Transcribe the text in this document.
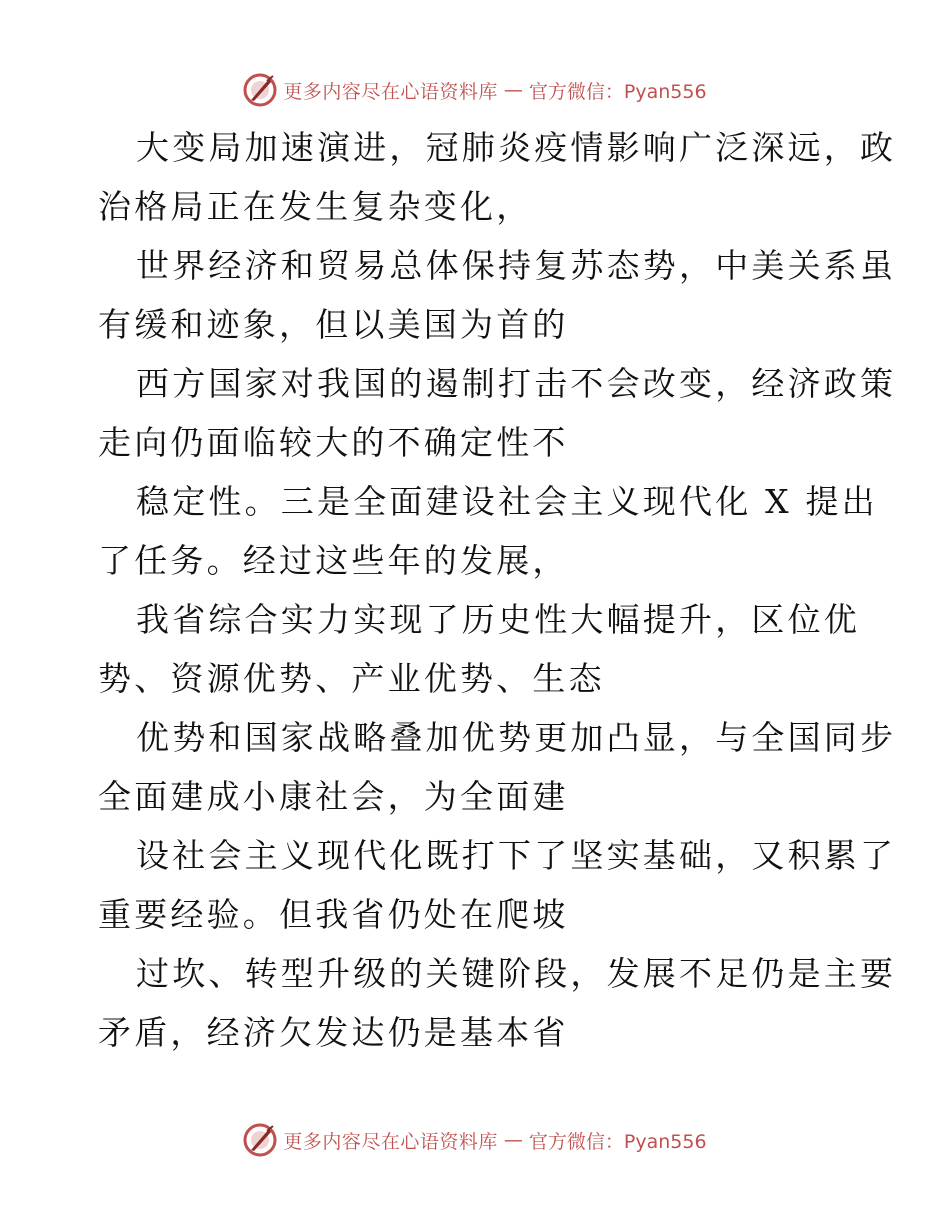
更多内容尽在心语资料库 — 官方微信：Pyan556
大变局加速演进，冠肺炎疫情影响广泛深远，政
治格局正在发生复杂变化，
世界经济和贸易总体保持复苏态势，中美关系虽
有缓和迹象，但以美国为首的
西方国家对我国的遏制打击不会改变，经济政策
走向仍面临较大的不确定性不
稳定性。三是全面建设社会主义现代化 X 提出
了任务。经过这些年的发展，
我省综合实力实现了历史性大幅提升，区位优
势、资源优势、产业优势、生态
优势和国家战略叠加优势更加凸显，与全国同步
全面建成小康社会，为全面建
设社会主义现代化既打下了坚实基础，又积累了
重要经验。但我省仍处在爬坡
过坎、转型升级的关键阶段，发展不足仍是主要
矛盾，经济欠发达仍是基本省
更多内容尽在心语资料库 — 官方微信：Pyan556
